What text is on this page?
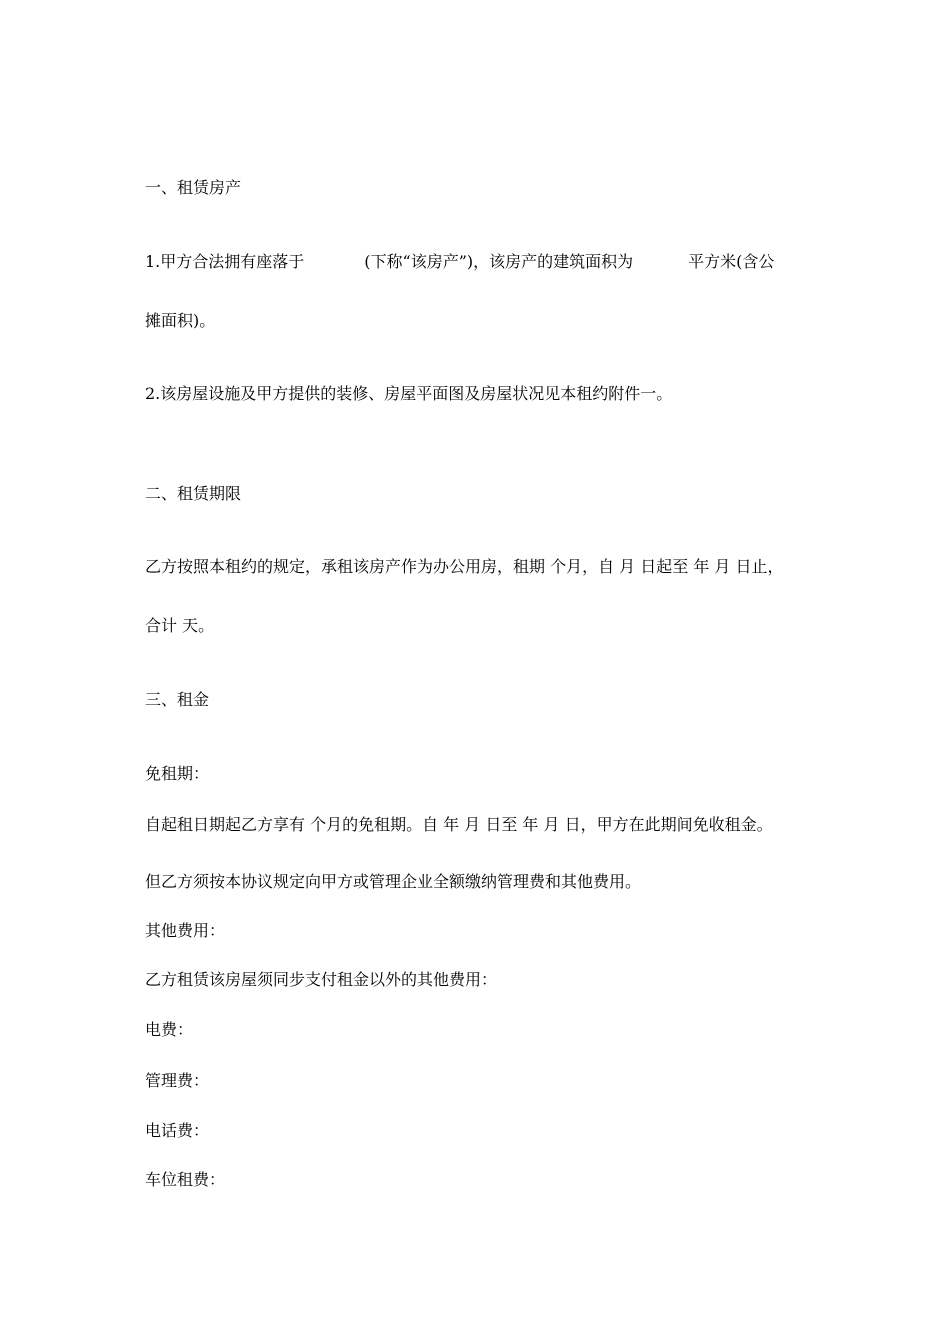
一、租赁房产
1.甲方合法拥有座落于	(下称“该房产”)，该房产的建筑面积为	平方米(含公
摊面积)。
2.该房屋设施及甲方提供的装修、房屋平面图及房屋状况见本租约附件一。
二、租赁期限
乙方按照本租约的规定，承租该房产作为办公用房，租期 个月，自 月 日起至 年 月 日止，
合计 天。
三、租金
免租期：
自起租日期起乙方享有 个月的免租期。自 年 月 日至 年 月 日，甲方在此期间免收租金。
但乙方须按本协议规定向甲方或管理企业全额缴纳管理费和其他费用。
其他费用：
乙方租赁该房屋须同步支付租金以外的其他费用：
电费：
管理费：
电话费：
车位租费：
